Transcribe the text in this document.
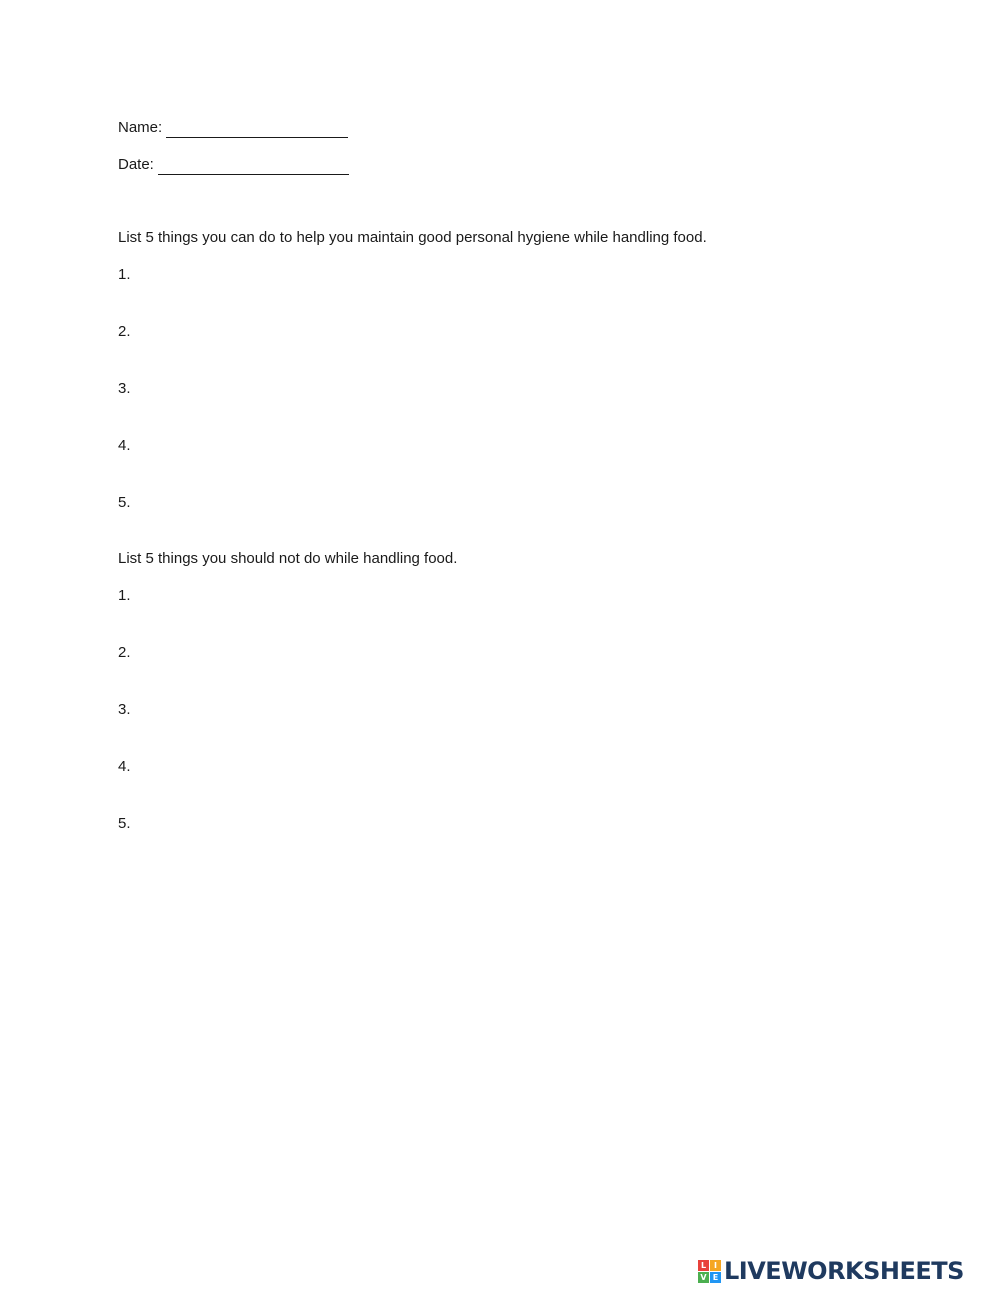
Name:
Date:
List 5 things you can do to help you maintain good personal hygiene while handling food.
1.
2.
3.
4.
5.
List 5 things you should not do while handling food.
1.
2.
3.
4.
5.
L I
V E LIVEWORKSHEETS
